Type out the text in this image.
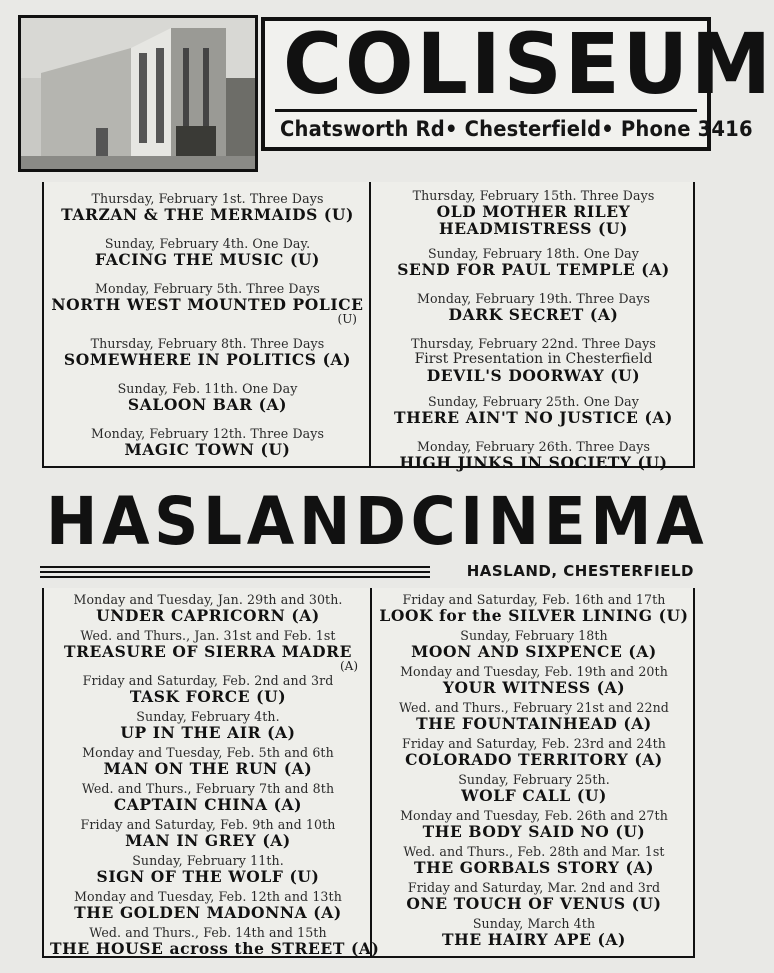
COLISEUM
Chatsworth Rd• Chesterfield• Phone 3416
Thursday, February 1st. Three Days
TARZAN & THE MERMAIDS (U)
Sunday, February 4th. One Day.
FACING THE MUSIC (U)
Monday, February 5th. Three Days
NORTH WEST MOUNTED POLICE
(U)
Thursday, February 8th. Three Days
SOMEWHERE IN POLITICS (A)
Sunday, Feb. 11th. One Day
SALOON BAR (A)
Monday, February 12th. Three Days
MAGIC TOWN (U)
Thursday, February 15th. Three Days
OLD MOTHER RILEY
HEADMISTRESS (U)
Sunday, February 18th. One Day
SEND FOR PAUL TEMPLE (A)
Monday, February 19th. Three Days
DARK SECRET (A)
Thursday, February 22nd. Three Days
First Presentation in Chesterfield
DEVIL'S DOORWAY (U)
Sunday, February 25th. One Day
THERE AIN'T NO JUSTICE (A)
Monday, February 26th. Three Days
HIGH JINKS IN SOCIETY (U)
HASLANDCINEMA
HASLAND, CHESTERFIELD
Monday and Tuesday, Jan. 29th and 30th.
UNDER CAPRICORN (A)
Wed. and Thurs., Jan. 31st and Feb. 1st
TREASURE OF SIERRA MADRE
(A)
Friday and Saturday, Feb. 2nd and 3rd
TASK FORCE (U)
Sunday, February 4th.
UP IN THE AIR (A)
Monday and Tuesday, Feb. 5th and 6th
MAN ON THE RUN (A)
Wed. and Thurs., February 7th and 8th
CAPTAIN CHINA (A)
Friday and Saturday, Feb. 9th and 10th
MAN IN GREY (A)
Sunday, February 11th.
SIGN OF THE WOLF (U)
Monday and Tuesday, Feb. 12th and 13th
THE GOLDEN MADONNA (A)
Wed. and Thurs., Feb. 14th and 15th
THE HOUSE across the STREET (A)
Friday and Saturday, Feb. 16th and 17th
LOOK for the SILVER LINING (U)
Sunday, February 18th
MOON AND SIXPENCE (A)
Monday and Tuesday, Feb. 19th and 20th
YOUR WITNESS (A)
Wed. and Thurs., February 21st and 22nd
THE FOUNTAINHEAD (A)
Friday and Saturday, Feb. 23rd and 24th
COLORADO TERRITORY (A)
Sunday, February 25th.
WOLF CALL (U)
Monday and Tuesday, Feb. 26th and 27th
THE BODY SAID NO (U)
Wed. and Thurs., Feb. 28th and Mar. 1st
THE GORBALS STORY (A)
Friday and Saturday, Mar. 2nd and 3rd
ONE TOUCH OF VENUS (U)
Sunday, March 4th
THE HAIRY APE (A)
